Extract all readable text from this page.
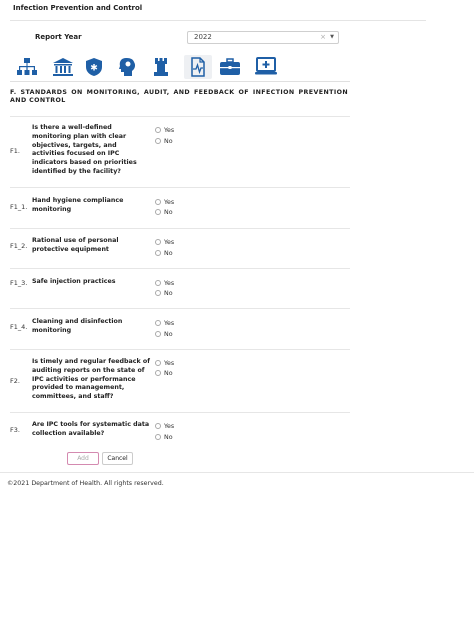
Infection Prevention and Control
Report Year	2022	× ▼
✱
F. STANDARDS ON MONITORING, AUDIT, AND FEEDBACK OF INFECTION PREVENTION AND CONTROL
F1.
Is there a well-defined monitoring plan with clear objectives, targets, and activities focused on IPC indicators based on priorities identified by the facility?
Yes
No
F1_1.
Hand hygiene compliance monitoring
Yes
No
F1_2.
Rational use of personal protective equipment
Yes
No
F1_3. Safe injection practices	Yes
No
F1_4.
Cleaning and disinfection monitoring
Yes
No
F2.
Is timely and regular feedback of auditing reports on the state of IPC activities or performance provided to management, committees, and staff?
Yes
No
F3.
Are IPC tools for systematic data collection available?
Yes
No
Add	Cancel
©2021 Department of Health. All rights reserved.
